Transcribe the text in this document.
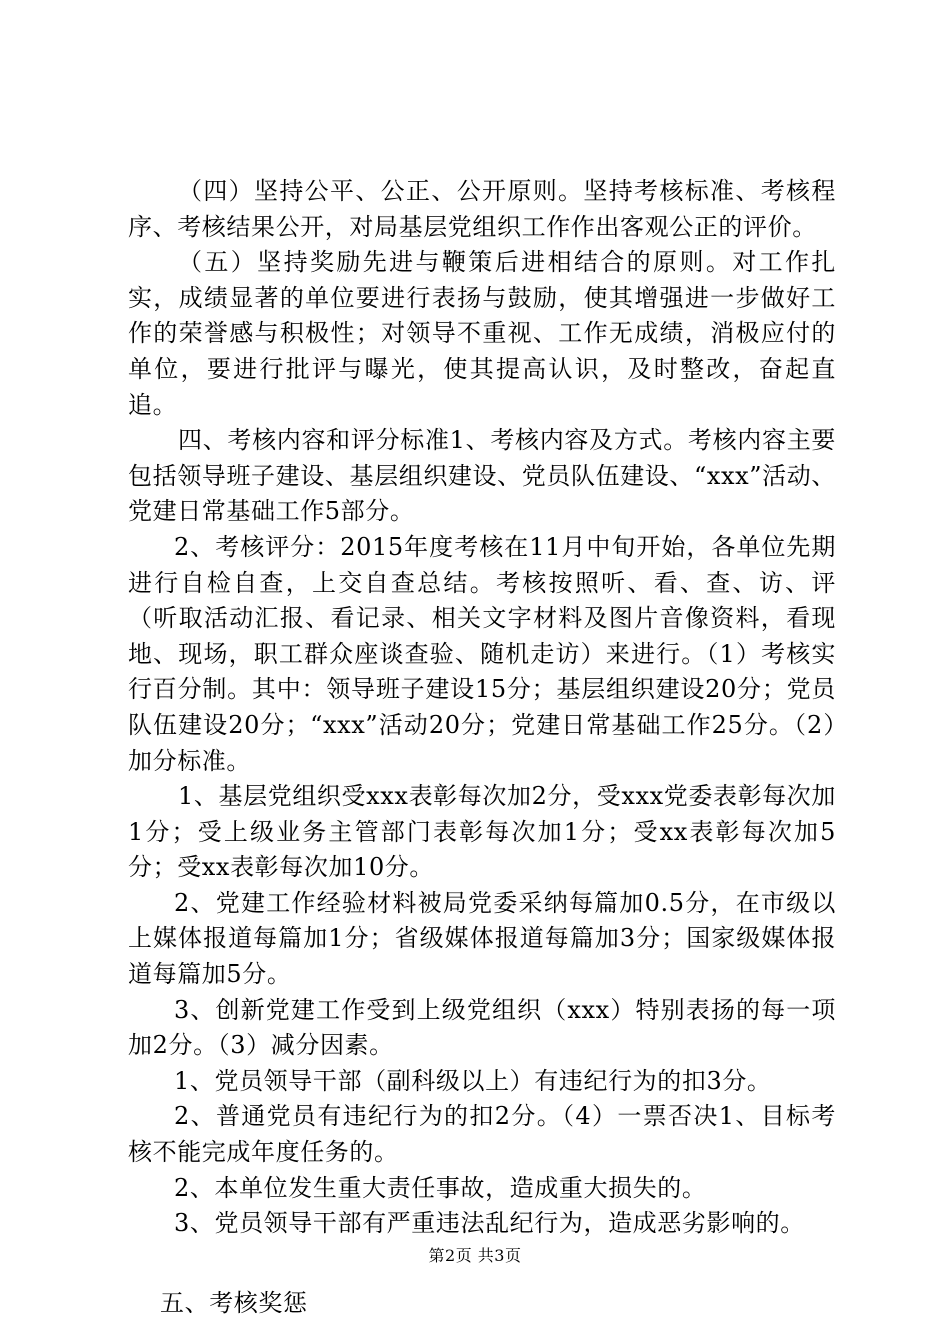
（四）坚持公平、公正、公开原则。坚持考核标准、考核程序、考核结果公开，对局基层党组织工作作出客观公正的评价。

（五）坚持奖励先进与鞭策后进相结合的原则。对工作扎实，成绩显著的单位要进行表扬与鼓励，使其增强进一步做好工作的荣誉感与积极性；对领导不重视、工作无成绩，消极应付的单位，要进行批评与曝光，使其提高认识，及时整改，奋起直追。

四、考核内容和评分标准1、考核内容及方式。考核内容主要包括领导班子建设、基层组织建设、党员队伍建设、“xxx”活动、党建日常基础工作5部分。

2、考核评分：2015年度考核在11月中旬开始，各单位先期进行自检自查，上交自查总结。考核按照听、看、查、访、评（听取活动汇报、看记录、相关文字材料及图片音像资料，看现地、现场，职工群众座谈查验、随机走访）来进行。（1）考核实行百分制。其中：领导班子建设15分；基层组织建设20分；党员队伍建设20分；“xxx”活动20分；党建日常基础工作25分。（2）加分标准。

1、基层党组织受xxx表彰每次加2分，受xxx党委表彰每次加1分；受上级业务主管部门表彰每次加1分；受xx表彰每次加5分；受xx表彰每次加10分。

2、党建工作经验材料被局党委采纳每篇加0.5分，在市级以上媒体报道每篇加1分；省级媒体报道每篇加3分；国家级媒体报道每篇加5分。

3、创新党建工作受到上级党组织（xxx）特别表扬的每一项加2分。（3）减分因素。

1、党员领导干部（副科级以上）有违纪行为的扣3分。

2、普通党员有违纪行为的扣2分。（4）一票否决1、目标考核不能完成年度任务的。

2、本单位发生重大责任事故，造成重大损失的。

3、党员领导干部有严重违法乱纪行为，造成恶劣影响的。

五、考核奖惩

第2页 共3页
